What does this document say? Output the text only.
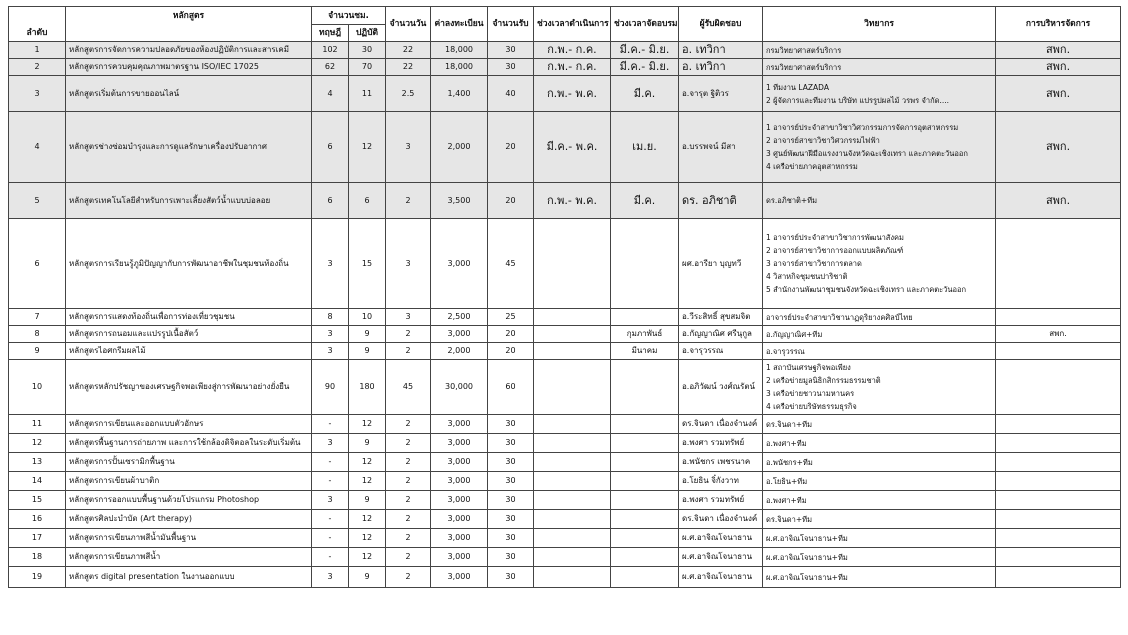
ลำดับ	หลักสูตร	จำนวนชม.		จำนวนวัน	ค่าลงทะเบียน	จำนวนรับ	ช่วงเวลาดำเนินการ	ช่วงเวลาจัดอบรม	ผู้รับผิดชอบ	วิทยากร	การบริหารจัดการ
		ทฤษฎี	ปฏิบัติ								
1	หลักสูตรการจัดการความปลอดภัยของห้องปฏิบัติการและสารเคมี	102	30	22	18,000	30	ก.พ.- ก.ค.	มี.ค.- มิ.ย.	อ. เทวิกา	กรมวิทยาศาสตร์บริการ	สพก.
2	หลักสูตรการควบคุมคุณภาพมาตรฐาน ISO/IEC 17025	62	70	22	18,000	30	ก.พ.- ก.ค.	มี.ค.- มิ.ย.	อ. เทวิกา	กรมวิทยาศาสตร์บริการ	สพก.
3	หลักสูตรเริ่มต้นการขายออนไลน์	4	11	2.5	1,400	40	ก.พ.- พ.ค.	มี.ค.	อ.จารุต ฐิติวร	1 ทีมงาน LAZADA
2 ผู้จัดการและทีมงาน บริษัท แปรรูปผลไม้ วรพร จำกัด....	สพก.
4	หลักสูตรช่างซ่อมบำรุงและการดูแลรักษาเครื่องปรับอากาศ	6	12	3	2,000	20	มี.ค.- พ.ค.	เม.ย.	อ.บรรพจน์ มีสา	1 อาจารย์ประจำสาขาวิชาวิศวกรรมการจัดการอุตสาหกรรม
2 อาจารย์สาขาวิชาวิศวกรรมไฟฟ้า
3 ศูนย์พัฒนาฝีมือแรงงานจังหวัดฉะเชิงเทรา และภาคตะวันออก
4 เครือข่ายภาคอุตสาหกรรม	สพก.
5	หลักสูตรเทคโนโลยีสำหรับการเพาะเลี้ยงสัตว์น้ำแบบบ่อลอย	6	6	2	3,500	20	ก.พ.- พ.ค.	มี.ค.	ดร. อภิชาติ	ดร.อภิชาติ+ทีม	สพก.
6	หลักสูตรการเรียนรู้ภูมิปัญญากับการพัฒนาอาชีพในชุมชนท้องถิ่น	3	15	3	3,000	45			ผศ.อารียา บุญทวี	1 อาจารย์ประจำสาขาวิชาการพัฒนาสังคม
2 อาจารย์สาขาวิชาการออกแบบผลิตภัณฑ์
3 อาจารย์สาขาวิชาการตลาด
4 วิสาหกิจชุมชนปาริชาติ
5 สำนักงานพัฒนาชุมชนจังหวัดฉะเชิงเทรา และภาคตะวันออก	

7	หลักสูตรการแสดงท้องถิ่นเพื่อการท่องเที่ยวชุมชน	8	10	3	2,500	25			อ.วีระสิทธิ์ สุขสมจิต	อาจารย์ประจำสาขาวิชานาฏดุริยางคศิลป์ไทย	

8	หลักสูตรการถนอมและแปรรูปเนื้อสัตว์	3	9	2	3,000	20		กุมภาพันธ์	อ.กัญญาณิศ ศรีนุกูล	อ.กัญญาณิศ+ทีม	สพก.
9	หลักสูตรไอศกรีมผลไม้	3	9	2	2,000	20		มีนาคม	อ.จารุวรรณ	อ.จารุวรรณ	

10	หลักสูตรหลักปรัชญาของเศรษฐกิจพอเพียงสู่การพัฒนาอย่างยั่งยืน	90	180	45	30,000	60			อ.อภิวัฒน์ วงศ์ณรัตน์	1 สถาบันเศรษฐกิจพอเพียง
2 เครือข่ายมูลนิธิกสิกรรมธรรมชาติ
3 เครือข่ายชาวนามหานคร
4 เครือข่ายบริษัทธรรมธุรกิจ	

11	หลักสูตรการเขียนและออกแบบตัวอักษร	-	12	2	3,000	30			ดร.จินดา เนื่องจำนงค์	ดร.จินดา+ทีม	

12	หลักสูตรพื้นฐานการถ่ายภาพ และการใช้กล้องดิจิตอลในระดับเริ่มต้น	3	9	2	3,000	30			อ.พงศา รวมทรัพย์	อ.พงศา+ทีม	

13	หลักสูตรการปั้นเซรามิกพื้นฐาน	-	12	2	3,000	30			อ.พนัชกร เพชรนาค	อ.พนัชกร+ทีม	

14	หลักสูตรการเขียนผ้าบาติก	-	12	2	3,000	30			อ.โยธิน จิ๋กังวาท	อ.โยธิน+ทีม	

15	หลักสูตรการออกแบบพื้นฐานด้วยโปรแกรม Photoshop	3	9	2	3,000	30			อ.พงศา รวมทรัพย์	อ.พงศา+ทีม	

16	หลักสูตรศิลปะบำบัด (Art therapy)	-	12	2	3,000	30			ดร.จินดา เนื่องจำนงค์	ดร.จินดา+ทีม	

17	หลักสูตรการเขียนภาพสีน้ำมันพื้นฐาน	-	12	2	3,000	30			ผ.ศ.อาจิณโจนาธาน	ผ.ศ.อาจิณโจนาธาน+ทีม	

18	หลักสูตรการเขียนภาพสีน้ำ	-	12	2	3,000	30			ผ.ศ.อาจิณโจนาธาน	ผ.ศ.อาจิณโจนาธาน+ทีม	

19	หลักสูตร digital presentation ในงานออกแบบ	3	9	2	3,000	30			ผ.ศ.อาจิณโจนาธาน	ผ.ศ.อาจิณโจนาธาน+ทีม	
